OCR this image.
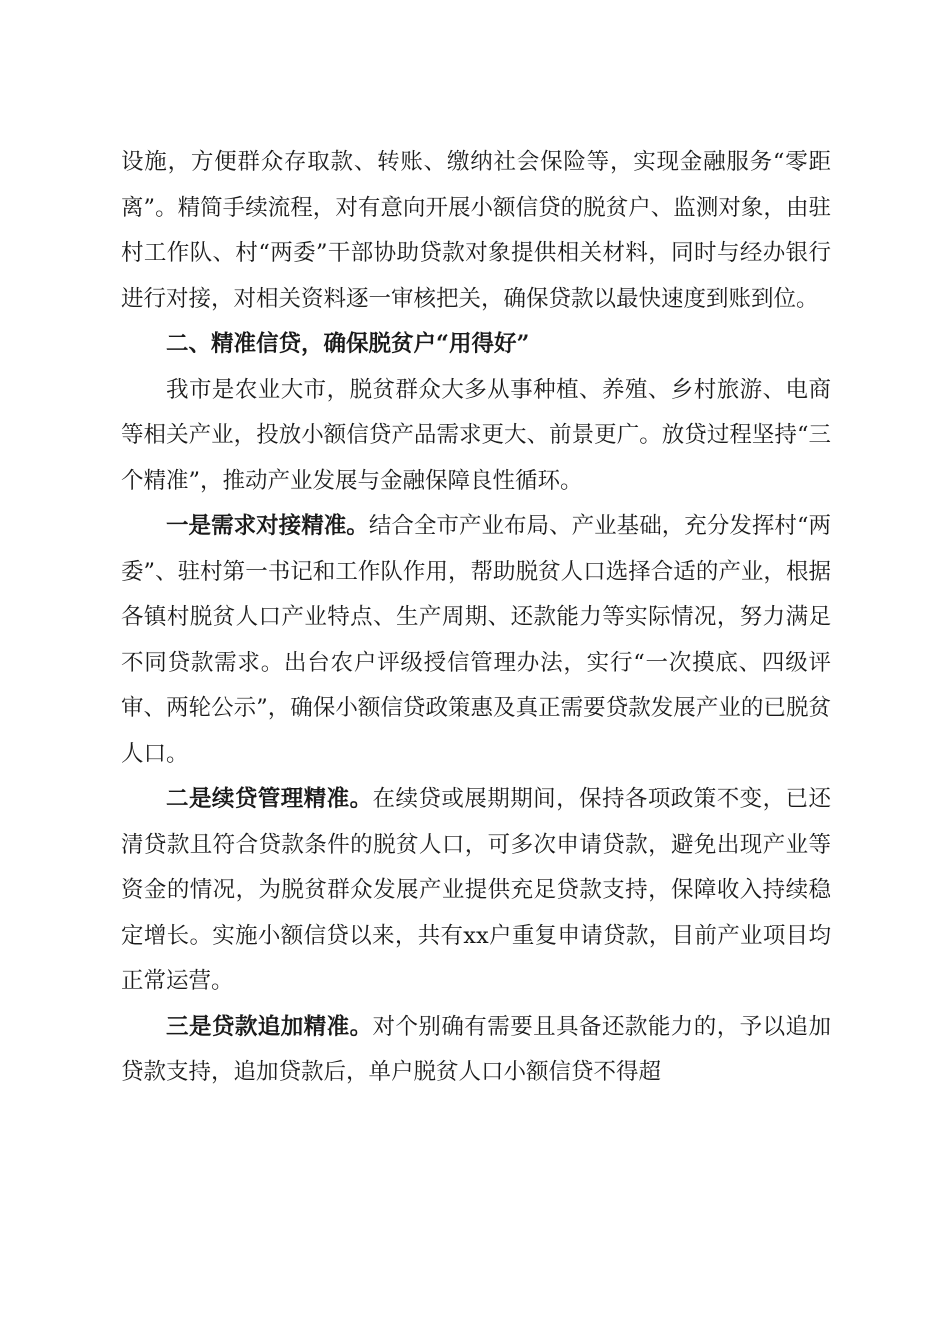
设施，方便群众存取款、转账、缴纳社会保险等，实现金融服务“零距离”。精简手续流程，对有意向开展小额信贷的脱贫户、监测对象，由驻村工作队、村“两委”干部协助贷款对象提供相关材料，同时与经办银行进行对接，对相关资料逐一审核把关，确保贷款以最快速度到账到位。

二、精准信贷，确保脱贫户“用得好”

我市是农业大市，脱贫群众大多从事种植、养殖、乡村旅游、电商等相关产业，投放小额信贷产品需求更大、前景更广。放贷过程坚持“三个精准”，推动产业发展与金融保障良性循环。

一是需求对接精准。结合全市产业布局、产业基础，充分发挥村“两委”、驻村第一书记和工作队作用，帮助脱贫人口选择合适的产业，根据各镇村脱贫人口产业特点、生产周期、还款能力等实际情况，努力满足不同贷款需求。出台农户评级授信管理办法，实行“一次摸底、四级评审、两轮公示”，确保小额信贷政策惠及真正需要贷款发展产业的已脱贫人口。

二是续贷管理精准。在续贷或展期期间，保持各项政策不变，已还清贷款且符合贷款条件的脱贫人口，可多次申请贷款，避免出现产业等资金的情况，为脱贫群众发展产业提供充足贷款支持，保障收入持续稳定增长。实施小额信贷以来，共有xx户重复申请贷款，目前产业项目均正常运营。

三是贷款追加精准。对个别确有需要且具备还款能力的，予以追加贷款支持，追加贷款后，单户脱贫人口小额信贷不得超
